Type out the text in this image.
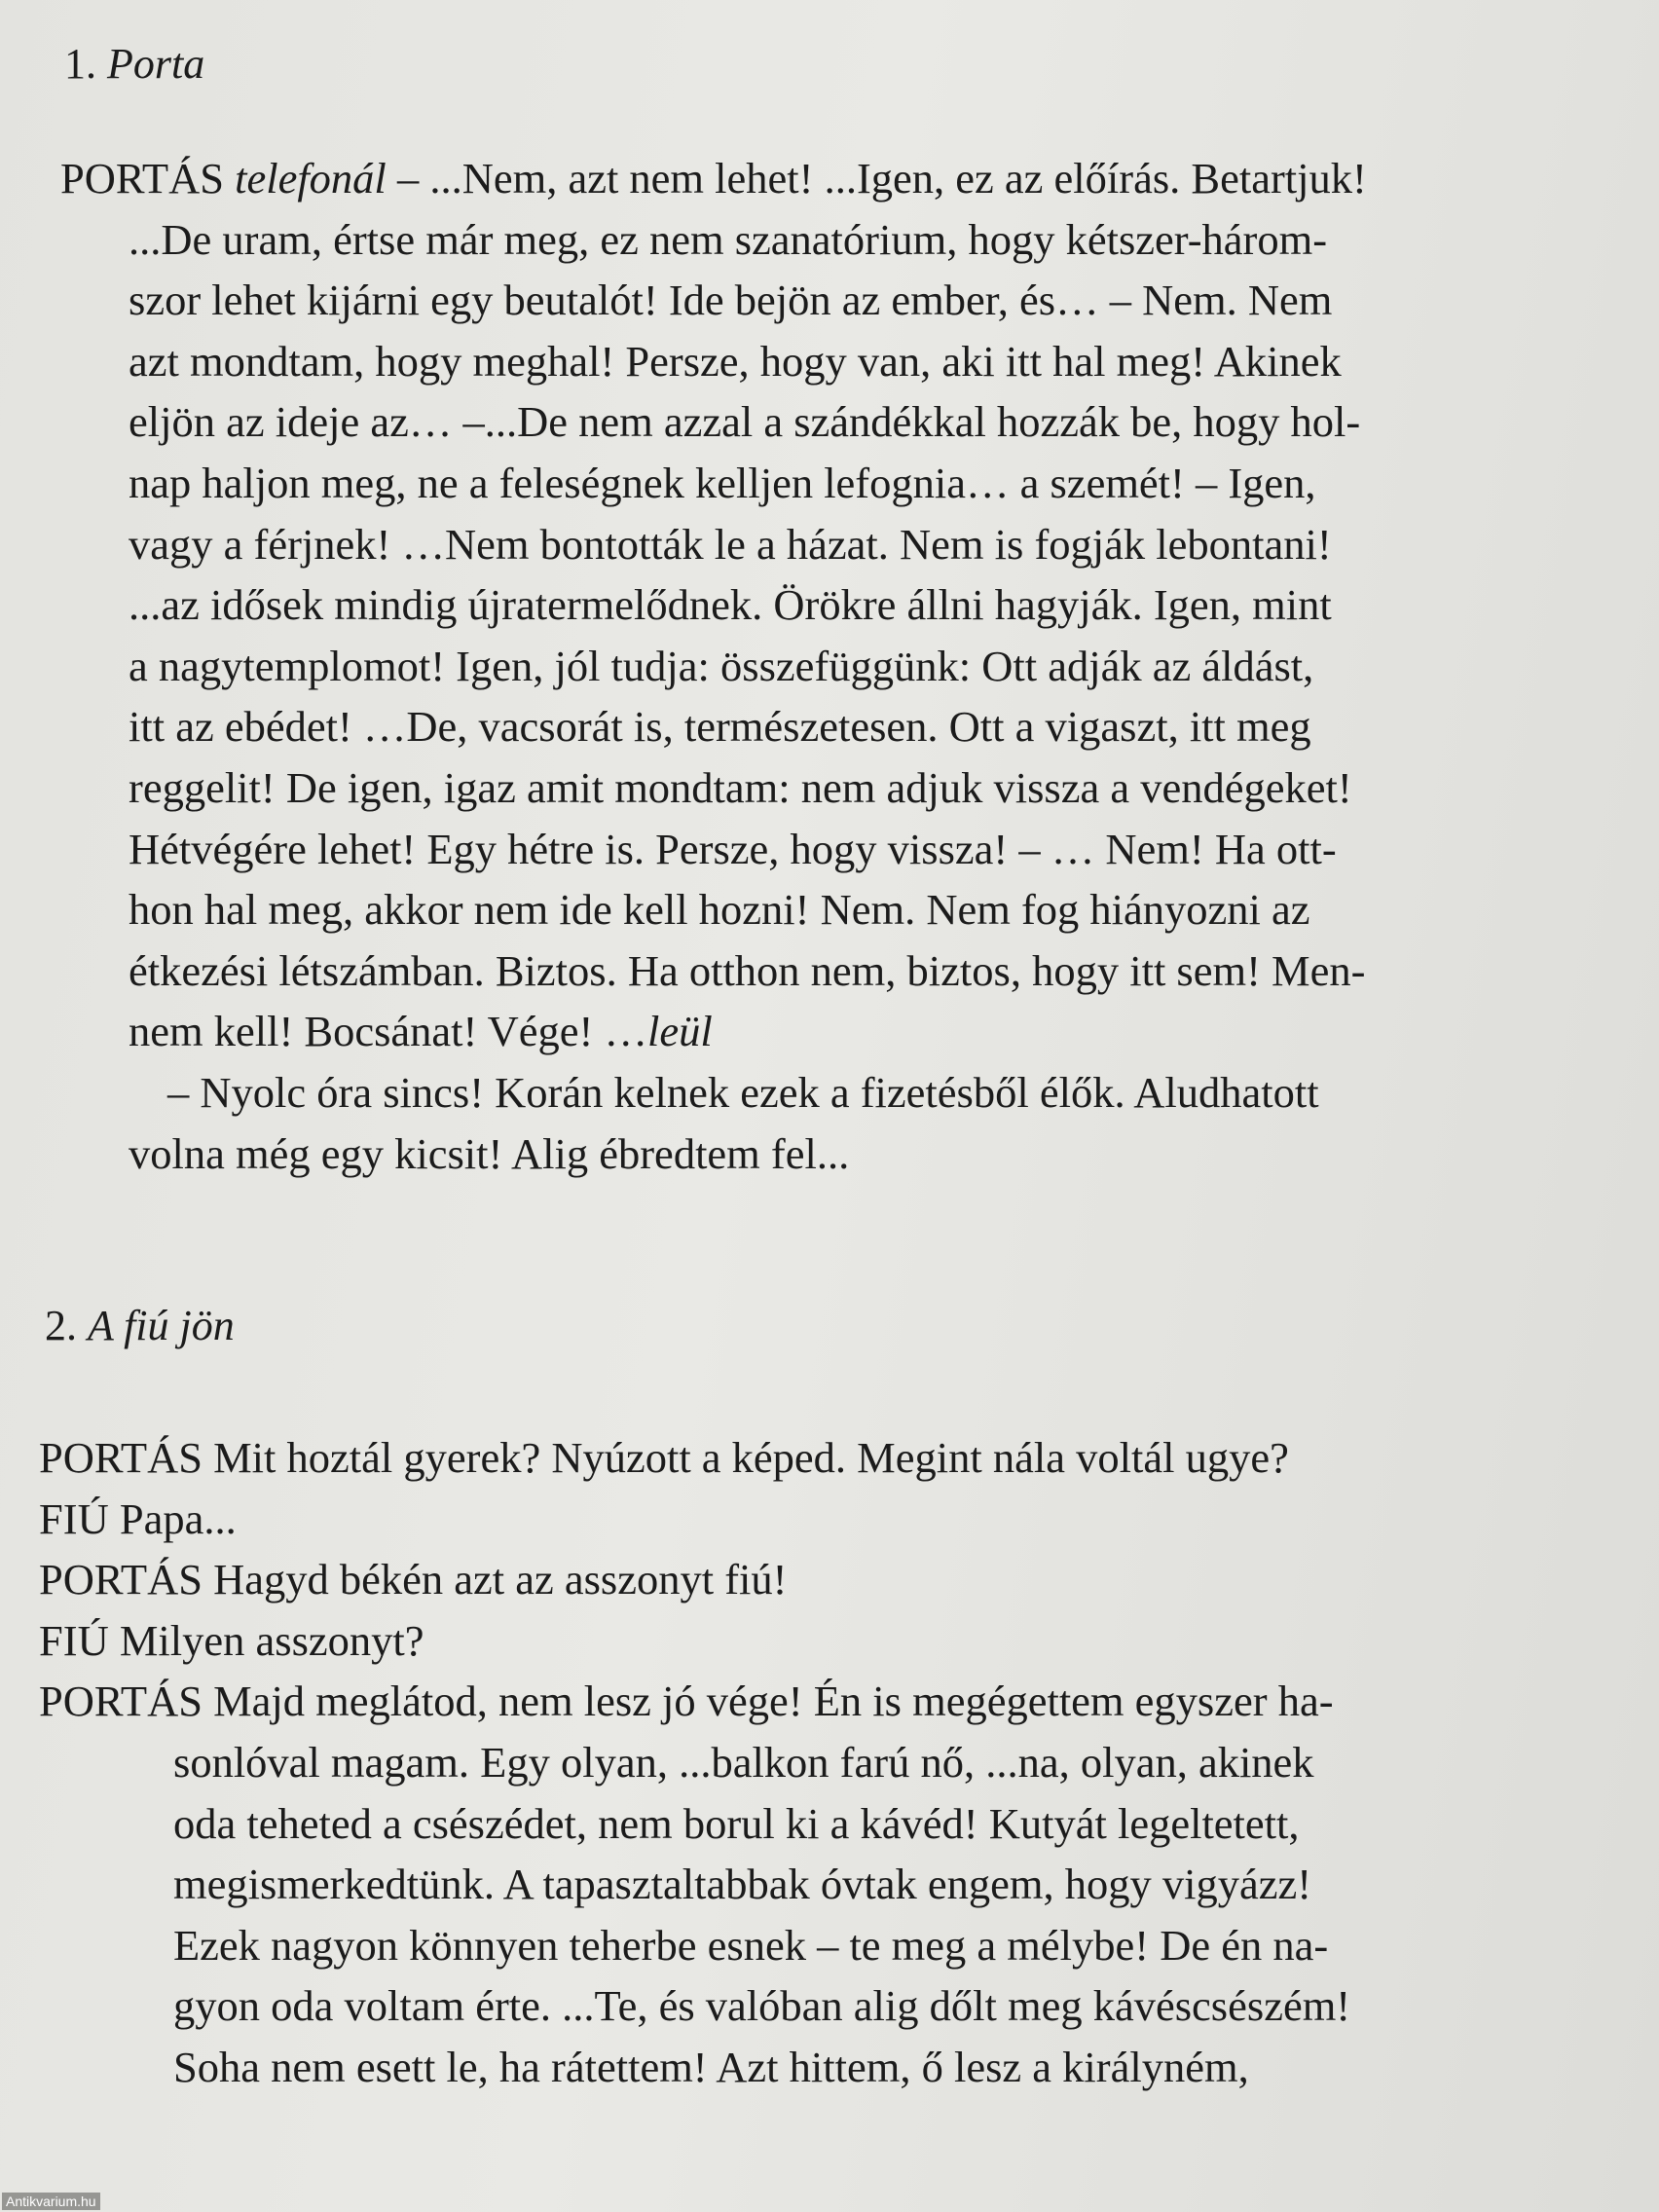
1. Porta
PORTÁS telefonál – ...Nem, azt nem lehet! ...Igen, ez az előírás. Betartjuk!
...De uram, értse már meg, ez nem szanatórium, hogy kétszer-három-
szor lehet kijárni egy beutalót! Ide bejön az ember, és… – Nem. Nem
azt mondtam, hogy meghal! Persze, hogy van, aki itt hal meg! Akinek
eljön az ideje az… –...De nem azzal a szándékkal hozzák be, hogy hol-
nap haljon meg, ne a feleségnek kelljen lefognia… a szemét! – Igen,
vagy a férjnek! …Nem bontották le a házat. Nem is fogják lebontani!
...az idősek mindig újratermelődnek. Örökre állni hagyják. Igen, mint
a nagytemplomot! Igen, jól tudja: összefüggünk: Ott adják az áldást,
itt az ebédet! …De, vacsorát is, természetesen. Ott a vigaszt, itt meg
reggelit! De igen, igaz amit mondtam: nem adjuk vissza a vendégeket!
Hétvégére lehet! Egy hétre is. Persze, hogy vissza! – … Nem! Ha ott-
hon hal meg, akkor nem ide kell hozni! Nem. Nem fog hiányozni az
étkezési létszámban. Biztos. Ha otthon nem, biztos, hogy itt sem! Men-
nem kell! Bocsánat! Vége! …leül
– Nyolc óra sincs! Korán kelnek ezek a fizetésből élők. Aludhatott
volna még egy kicsit! Alig ébredtem fel...
2. A fiú jön
PORTÁS Mit hoztál gyerek? Nyúzott a képed. Megint nála voltál ugye?
FIÚ Papa...
PORTÁS Hagyd békén azt az asszonyt fiú!
FIÚ Milyen asszonyt?
PORTÁS Majd meglátod, nem lesz jó vége! Én is megégettem egyszer ha-
sonlóval magam. Egy olyan, ...balkon farú nő, ...na, olyan, akinek
oda teheted a csészédet, nem borul ki a kávéd! Kutyát legeltetett,
megismerkedtünk. A tapasztaltabbak óvtak engem, hogy vigyázz!
Ezek nagyon könnyen teherbe esnek – te meg a mélybe! De én na-
gyon oda voltam érte. ...Te, és valóban alig dőlt meg kávéscsészém!
Soha nem esett le, ha rátettem! Azt hittem, ő lesz a királyném,
Antikvarium.hu
